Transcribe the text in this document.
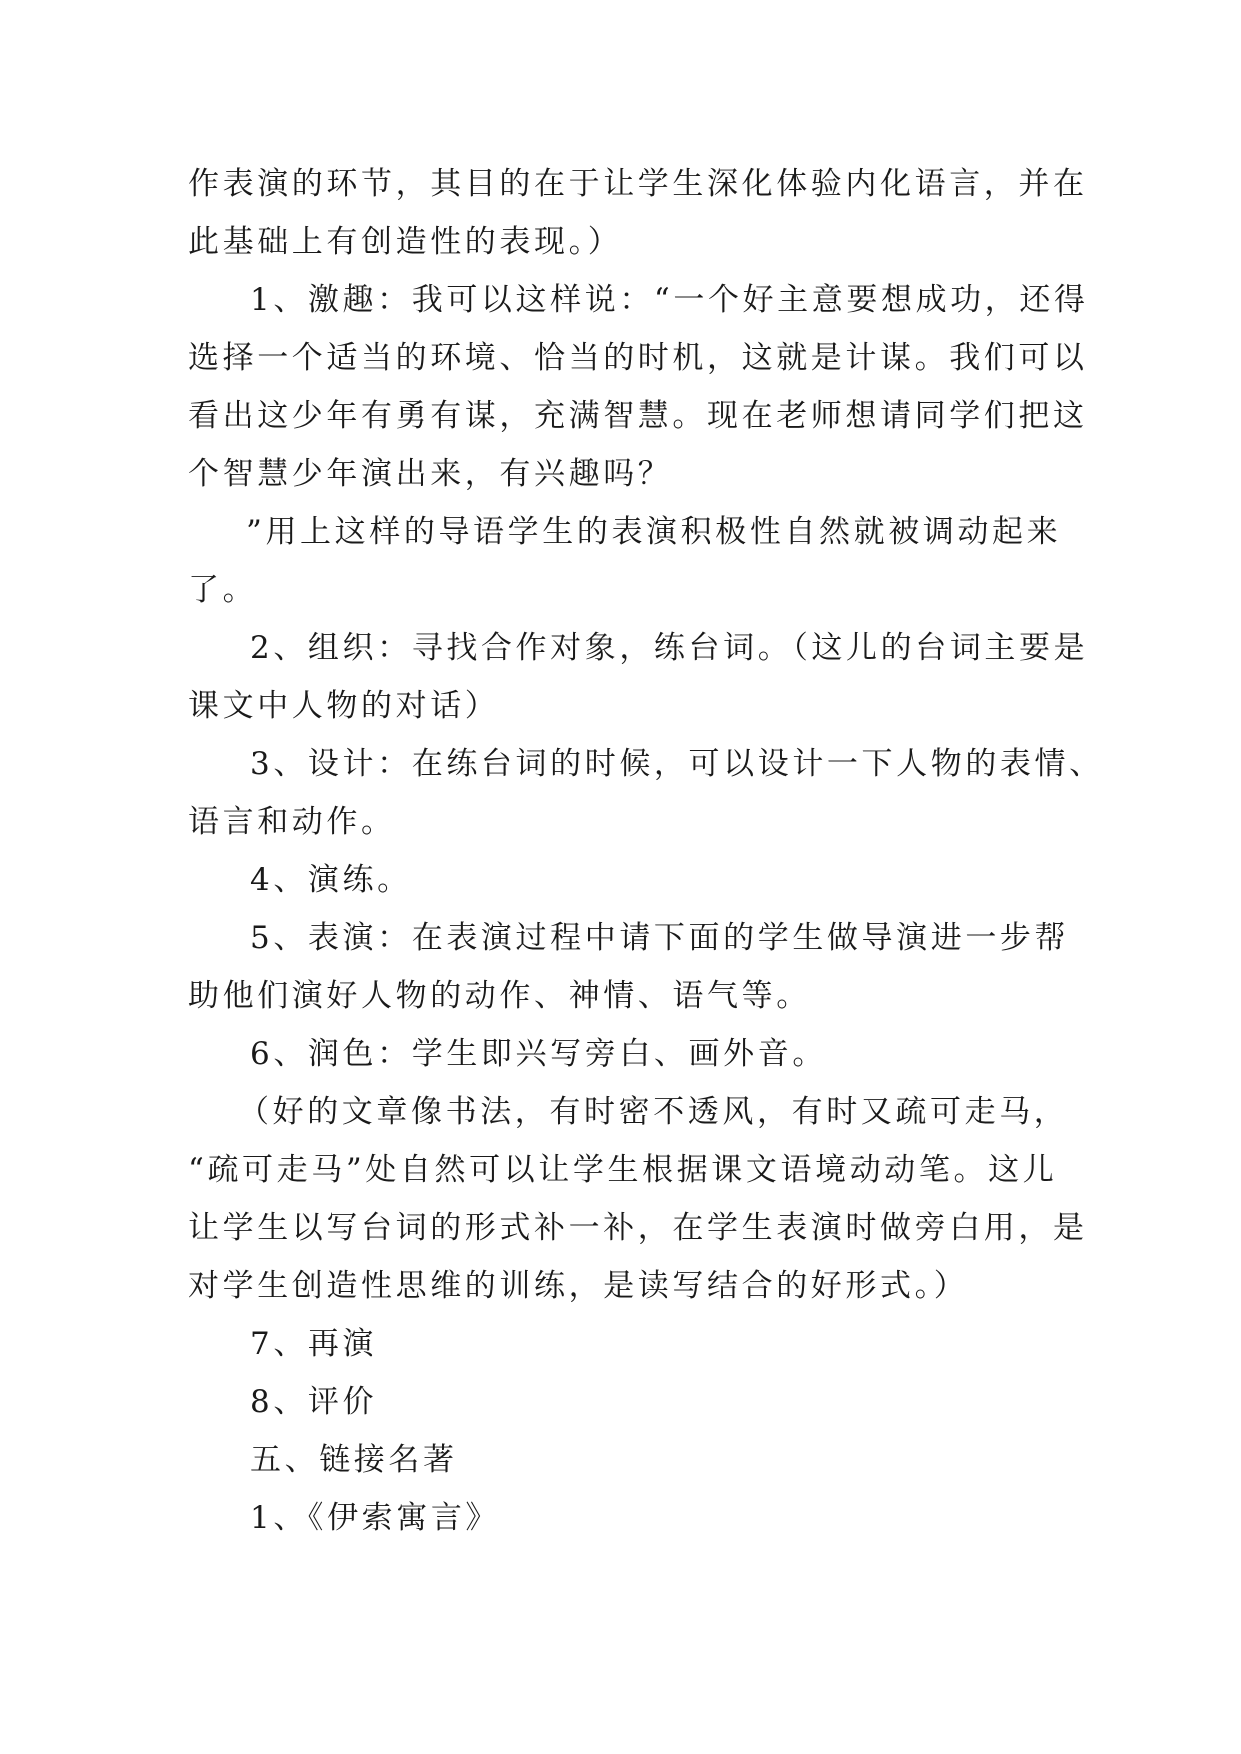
作表演的环节，其目的在于让学生深化体验内化语言，并在
此基础上有创造性的表现。）
1、激趣：我可以这样说：“一个好主意要想成功，还得
选择一个适当的环境、恰当的时机，这就是计谋。我们可以
看出这少年有勇有谋，充满智慧。现在老师想请同学们把这
个智慧少年演出来，有兴趣吗？
”用上这样的导语学生的表演积极性自然就被调动起来
了。
2、组织：寻找合作对象，练台词。（这儿的台词主要是
课文中人物的对话）
3、设计：在练台词的时候，可以设计一下人物的表情、
语言和动作。
4、演练。
5、表演：在表演过程中请下面的学生做导演进一步帮
助他们演好人物的动作、神情、语气等。
6、润色：学生即兴写旁白、画外音。
（好的文章像书法，有时密不透风，有时又疏可走马，
“疏可走马”处自然可以让学生根据课文语境动动笔。这儿
让学生以写台词的形式补一补，在学生表演时做旁白用，是
对学生创造性思维的训练，是读写结合的好形式。）
7、再演
8、评价
五、链接名著
1、《伊索寓言》
